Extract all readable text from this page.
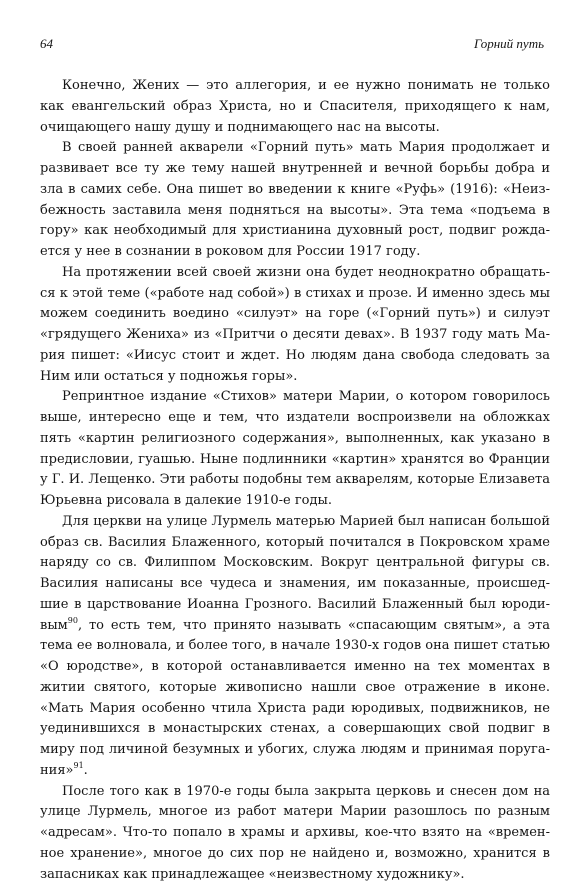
64	Горний путь

Конечно, Жених — это аллегория, и ее нужно понимать не только как евангельский образ Христа, но и Спасителя, приходящего к нам, очищающего нашу душу и поднимающего нас на высоты.

В своей ранней акварели «Горний путь» мать Мария продолжает и развивает все ту же тему нашей внутренней и вечной борьбы добра и зла в самих себе. Она пишет во введении к книге «Руфь» (1916): «Неизбежность заставила меня подняться на высоты». Эта тема «подъема в гору» как необходимый для христианина духовный рост, подвиг рождается у нее в сознании в роковом для России 1917 году.

На протяжении всей своей жизни она будет неоднократно обращаться к этой теме («работе над собой») в стихах и прозе. И именно здесь мы можем соединить воедино «силуэт» на горе («Горний путь») и силуэт «грядущего Жениха» из «Притчи о десяти девах». В 1937 году мать Мария пишет: «Иисус стоит и ждет. Но людям дана свобода следовать за Ним или остаться у подножья горы».

Репринтное издание «Стихов» матери Марии, о котором говорилось выше, интересно еще и тем, что издатели воспроизвели на обложках пять «картин религиозного содержания», выполненных, как указано в предисловии, гуашью. Ныне подлинники «картин» хранятся во Франции у Г. И. Лещенко. Эти работы подобны тем акварелям, которые Елизавета Юрьевна рисовала в далекие 1910-е годы.

Для церкви на улице Лурмель матерью Марией был написан большой образ св. Василия Блаженного, который почитался в Покровском храме наряду со св. Филиппом Московским. Вокруг центральной фигуры св. Василия написаны все чудеса и знамения, им показанные, происшедшие в царствование Иоанна Грозного. Василий Блаженный был юродивым$^{90}$, то есть тем, что принято называть «спасающим святым», а эта тема ее волновала, и более того, в начале 1930-х годов она пишет статью «О юродстве», в которой останавливается именно на тех моментах в житии святого, которые живописно нашли свое отражение в иконе. «Мать Мария особенно чтила Христа ради юродивых, подвижников, не уединившихся в монастырских стенах, а совершающих свой подвиг в миру под личиной безумных и убогих, служа людям и принимая поругания»$^{91}$.

После того как в 1970-е годы была закрыта церковь и снесен дом на улице Лурмель, многое из работ матери Марии разошлось по разным «адресам». Что-то попало в храмы и архивы, кое-что взято на «временное хранение», многое до сих пор не найдено и, возможно, хранится в запасниках как принадлежащее «неизвестному художнику».
